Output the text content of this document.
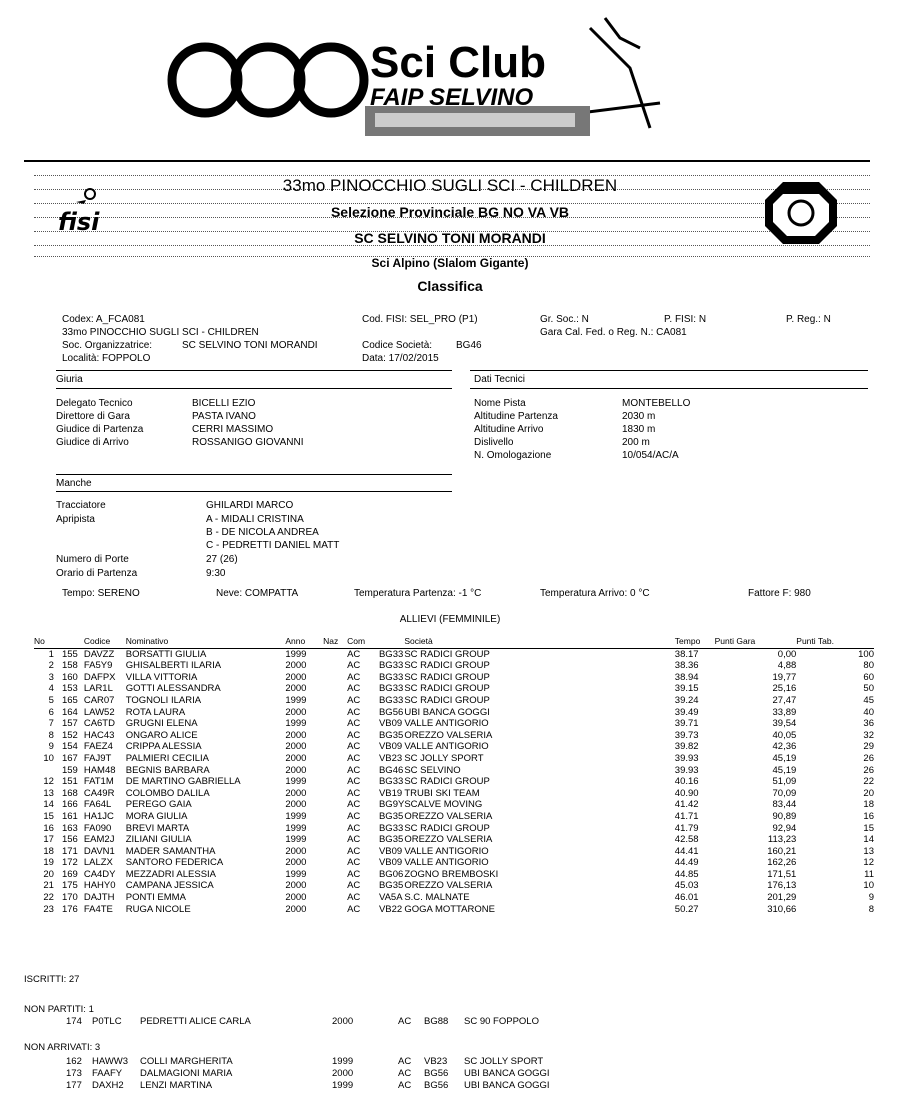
Sci Club
FAIP SELVINO
fisi
33mo PINOCCHIO SUGLI SCI - CHILDREN
Selezione Provinciale BG NO VA VB
SC SELVINO TONI MORANDI
Sci Alpino (Slalom Gigante)
Classifica
Codex: A_FCA081
33mo PINOCCHIO SUGLI SCI - CHILDREN
Soc. Organizzatrice:	SC SELVINO TONI MORANDI
Località: FOPPOLO
Cod. FISI: SEL_PRO (P1)
Codice Società: BG46
Data: 17/02/2015
Gr. Soc.: N
Gara Cal. Fed. o Reg. N.: CA081
P. FISI: N	P. Reg.: N
Giuria
Delegato Tecnico	BICELLI EZIO
Direttore di Gara	PASTA IVANO
Giudice di Partenza	CERRI MASSIMO
Giudice di Arrivo	ROSSANIGO GIOVANNI
Dati Tecnici
Nome Pista	MONTEBELLO
Altitudine Partenza	2030 m
Altitudine Arrivo	1830 m
Dislivello	200 m
N. Omologazione	10/054/AC/A
Manche
Tracciatore	GHILARDI MARCO
Apripista	A - MIDALI CRISTINA
B - DE NICOLA ANDREA
C - PEDRETTI DANIEL MATT
Numero di Porte	27 (26)
Orario di Partenza	9:30
Tempo: SERENO	Neve: COMPATTA	Temperatura Partenza: -1 °C	Temperatura Arrivo: 0 °C	Fattore F: 980
ALLIEVI (FEMMINILE)
No		Codice	Nominativo	Anno	Naz	Com		Società	Tempo	Punti Gara	Punti Tab.
1	155	DAVZZ	BORSATTI GIULIA	1999		AC	BG33	SC RADICI GROUP	38.17	0,00	100
2	158	FA5Y9	GHISALBERTI ILARIA	2000		AC	BG33	SC RADICI GROUP	38.36	4,88	80
3	160	DAFPX	VILLA VITTORIA	2000		AC	BG33	SC RADICI GROUP	38.94	19,77	60
4	153	LAR1L	GOTTI ALESSANDRA	2000		AC	BG33	SC RADICI GROUP	39.15	25,16	50
5	165	CAR07	TOGNOLI ILARIA	1999		AC	BG33	SC RADICI GROUP	39.24	27,47	45
6	164	LAW52	ROTA LAURA	2000		AC	BG56	UBI BANCA GOGGI	39.49	33,89	40
7	157	CA6TD	GRUGNI ELENA	1999		AC	VB09	VALLE ANTIGORIO	39.71	39,54	36
8	152	HAC43	ONGARO ALICE	2000		AC	BG35	OREZZO VALSERIA	39.73	40,05	32
9	154	FAEZ4	CRIPPA ALESSIA	2000		AC	VB09	VALLE ANTIGORIO	39.82	42,36	29
10	167	FAJ9T	PALMIERI CECILIA	2000		AC	VB23	SC JOLLY SPORT	39.93	45,19	26
	159	HAM48	BEGNIS BARBARA	2000		AC	BG46	SC SELVINO	39.93	45,19	26
12	151	FAT1M	DE MARTINO GABRIELLA	1999		AC	BG33	SC RADICI GROUP	40.16	51,09	22
13	168	CA49R	COLOMBO DALILA	2000		AC	VB19	TRUBI SKI TEAM	40.90	70,09	20
14	166	FA64L	PEREGO GAIA	2000		AC	BG9Y	SCALVE MOVING	41.42	83,44	18
15	161	HA1JC	MORA GIULIA	1999		AC	BG35	OREZZO VALSERIA	41.71	90,89	16
16	163	FA090	BREVI MARTA	1999		AC	BG33	SC RADICI GROUP	41.79	92,94	15
17	156	EAM2J	ZILIANI GIULIA	1999		AC	BG35	OREZZO VALSERIA	42.58	113,23	14
18	171	DAVN1	MADER SAMANTHA	2000		AC	VB09	VALLE ANTIGORIO	44.41	160,21	13
19	172	LALZX	SANTORO FEDERICA	2000		AC	VB09	VALLE ANTIGORIO	44.49	162,26	12
20	169	CA4DY	MEZZADRI ALESSIA	1999		AC	BG06	ZOGNO BREMBOSKI	44.85	171,51	11
21	175	HAHY0	CAMPANA JESSICA	2000		AC	BG35	OREZZO VALSERIA	45.03	176,13	10
22	170	DAJTH	PONTI EMMA	2000		AC	VA5A	S.C. MALNATE	46.01	201,29	9
23	176	FA4TE	RUGA NICOLE	2000		AC	VB22	GOGA MOTTARONE	50.27	310,66	8
ISCRITTI: 27
NON PARTITI: 1
174 P0TLC PEDRETTI ALICE CARLA	2000	AC BG88 SC 90 FOPPOLO
NON ARRIVATI: 3
162 HAWW3 COLLI MARGHERITA	1999	AC VB23 SC JOLLY SPORT
173 FAAFY DALMAGIONI MARIA	2000	AC BG56 UBI BANCA GOGGI
177 DAXH2 LENZI MARTINA	1999	AC BG56 UBI BANCA GOGGI
